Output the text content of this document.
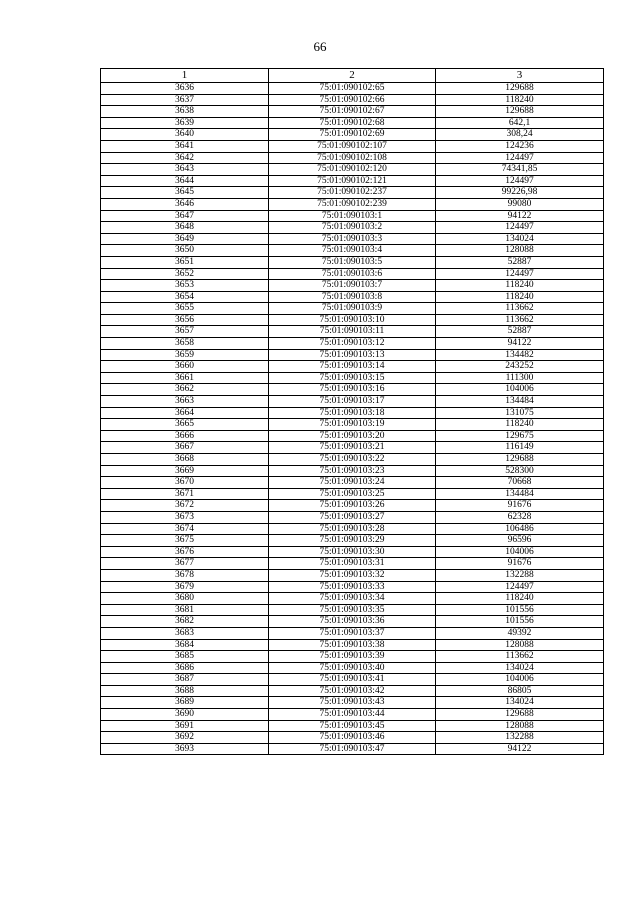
66
1	2	3
3636	75:01:090102:65	129688
3637	75:01:090102:66	118240
3638	75:01:090102:67	129688
3639	75:01:090102:68	642,1
3640	75:01:090102:69	308,24
3641	75:01:090102:107	124236
3642	75:01:090102:108	124497
3643	75:01:090102:120	74341,85
3644	75:01:090102:121	124497
3645	75:01:090102:237	99226,98
3646	75:01:090102:239	99080
3647	75:01:090103:1	94122
3648	75:01:090103:2	124497
3649	75:01:090103:3	134024
3650	75:01:090103:4	128088
3651	75:01:090103:5	52887
3652	75:01:090103:6	124497
3653	75:01:090103:7	118240
3654	75:01:090103:8	118240
3655	75:01:090103:9	113662
3656	75:01:090103:10	113662
3657	75:01:090103:11	52887
3658	75:01:090103:12	94122
3659	75:01:090103:13	134482
3660	75:01:090103:14	243252
3661	75:01:090103:15	111300
3662	75:01:090103:16	104006
3663	75:01:090103:17	134484
3664	75:01:090103:18	131075
3665	75:01:090103:19	118240
3666	75:01:090103:20	129675
3667	75:01:090103:21	116149
3668	75:01:090103:22	129688
3669	75:01:090103:23	528300
3670	75:01:090103:24	70668
3671	75:01:090103:25	134484
3672	75:01:090103:26	91676
3673	75:01:090103:27	62328
3674	75:01:090103:28	106486
3675	75:01:090103:29	96596
3676	75:01:090103:30	104006
3677	75:01:090103:31	91676
3678	75:01:090103:32	132288
3679	75:01:090103:33	124497
3680	75:01:090103:34	118240
3681	75:01:090103:35	101556
3682	75:01:090103:36	101556
3683	75:01:090103:37	49392
3684	75:01:090103:38	128088
3685	75:01:090103:39	113662
3686	75:01:090103:40	134024
3687	75:01:090103:41	104006
3688	75:01:090103:42	86805
3689	75:01:090103:43	134024
3690	75:01:090103:44	129688
3691	75:01:090103:45	128088
3692	75:01:090103:46	132288
3693	75:01:090103:47	94122
